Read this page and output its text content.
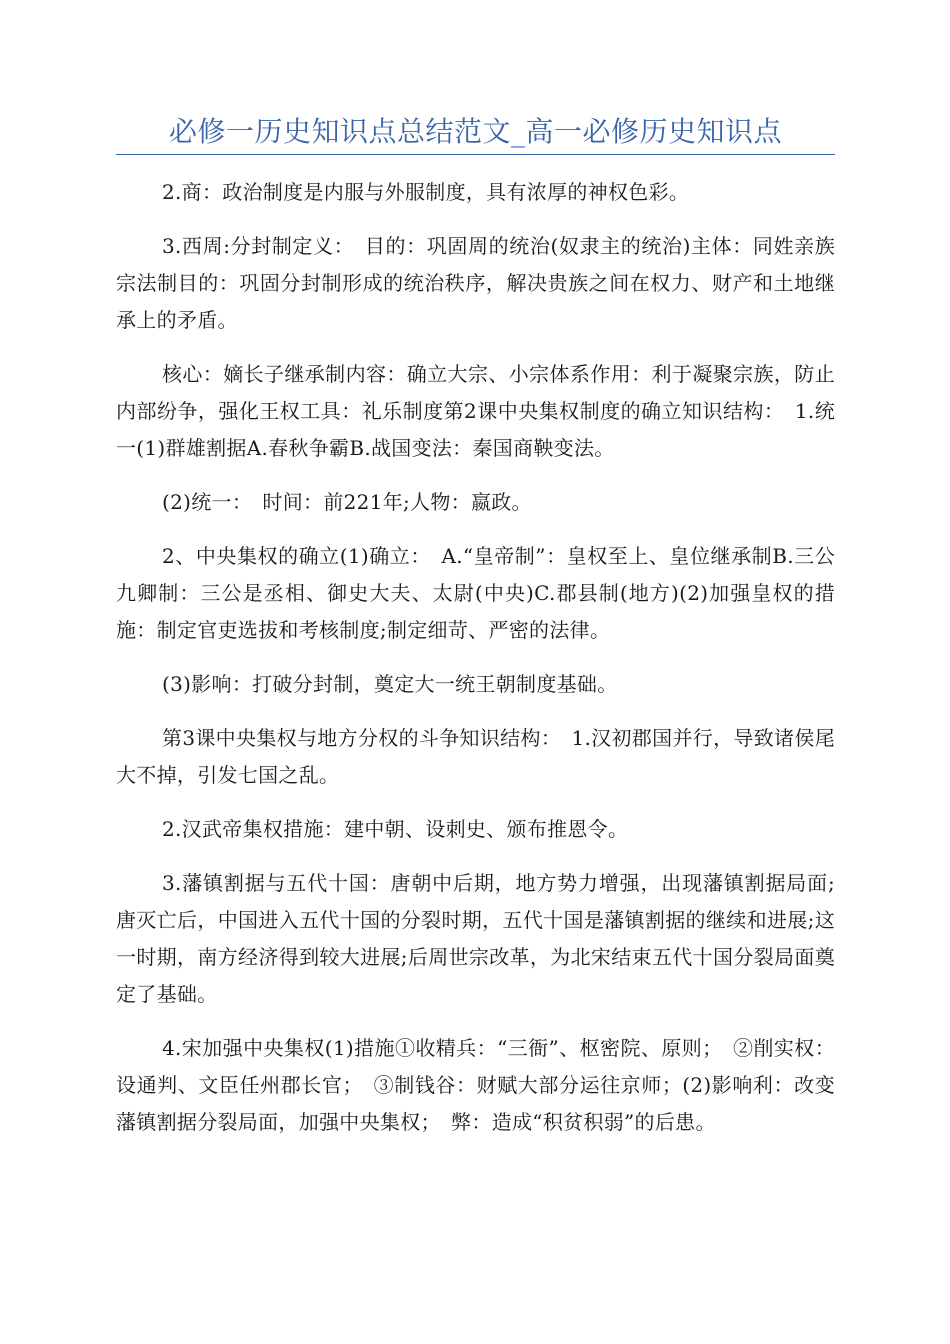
必修一历史知识点总结范文_高一必修历史知识点

2.商：政治制度是内服与外服制度，具有浓厚的神权色彩。

3.西周:分封制定义：　目的：巩固周的统治(奴隶主的统治)主体：同姓亲族宗法制目的：巩固分封制形成的统治秩序，解决贵族之间在权力、财产和土地继承上的矛盾。

核心：嫡长子继承制内容：确立大宗、小宗体系作用：利于凝聚宗族，防止内部纷争，强化王权工具：礼乐制度第2课中央集权制度的确立知识结构：　1.统一(1)群雄割据A.春秋争霸B.战国变法：秦国商鞅变法。

(2)统一：　时间：前221年;人物：嬴政。

2、中央集权的确立(1)确立：　A.“皇帝制”：皇权至上、皇位继承制B.三公九卿制：三公是丞相、御史大夫、太尉(中央)C.郡县制(地方)(2)加强皇权的措施：制定官吏选拔和考核制度;制定细苛、严密的法律。

(3)影响：打破分封制，奠定大一统王朝制度基础。

第3课中央集权与地方分权的斗争知识结构：　1.汉初郡国并行，导致诸侯尾大不掉，引发七国之乱。

2.汉武帝集权措施：建中朝、设刺史、颁布推恩令。

3.藩镇割据与五代十国：唐朝中后期，地方势力增强，出现藩镇割据局面;唐灭亡后，中国进入五代十国的分裂时期，五代十国是藩镇割据的继续和进展;这一时期，南方经济得到较大进展;后周世宗改革，为北宋结束五代十国分裂局面奠定了基础。

4.宋加强中央集权(1)措施①收精兵：“三衙”、枢密院、原则；　②削实权：设通判、文臣任州郡长官；　③制钱谷：财赋大部分运往京师；(2)影响利：改变藩镇割据分裂局面，加强中央集权；　弊：造成“积贫积弱”的后患。
